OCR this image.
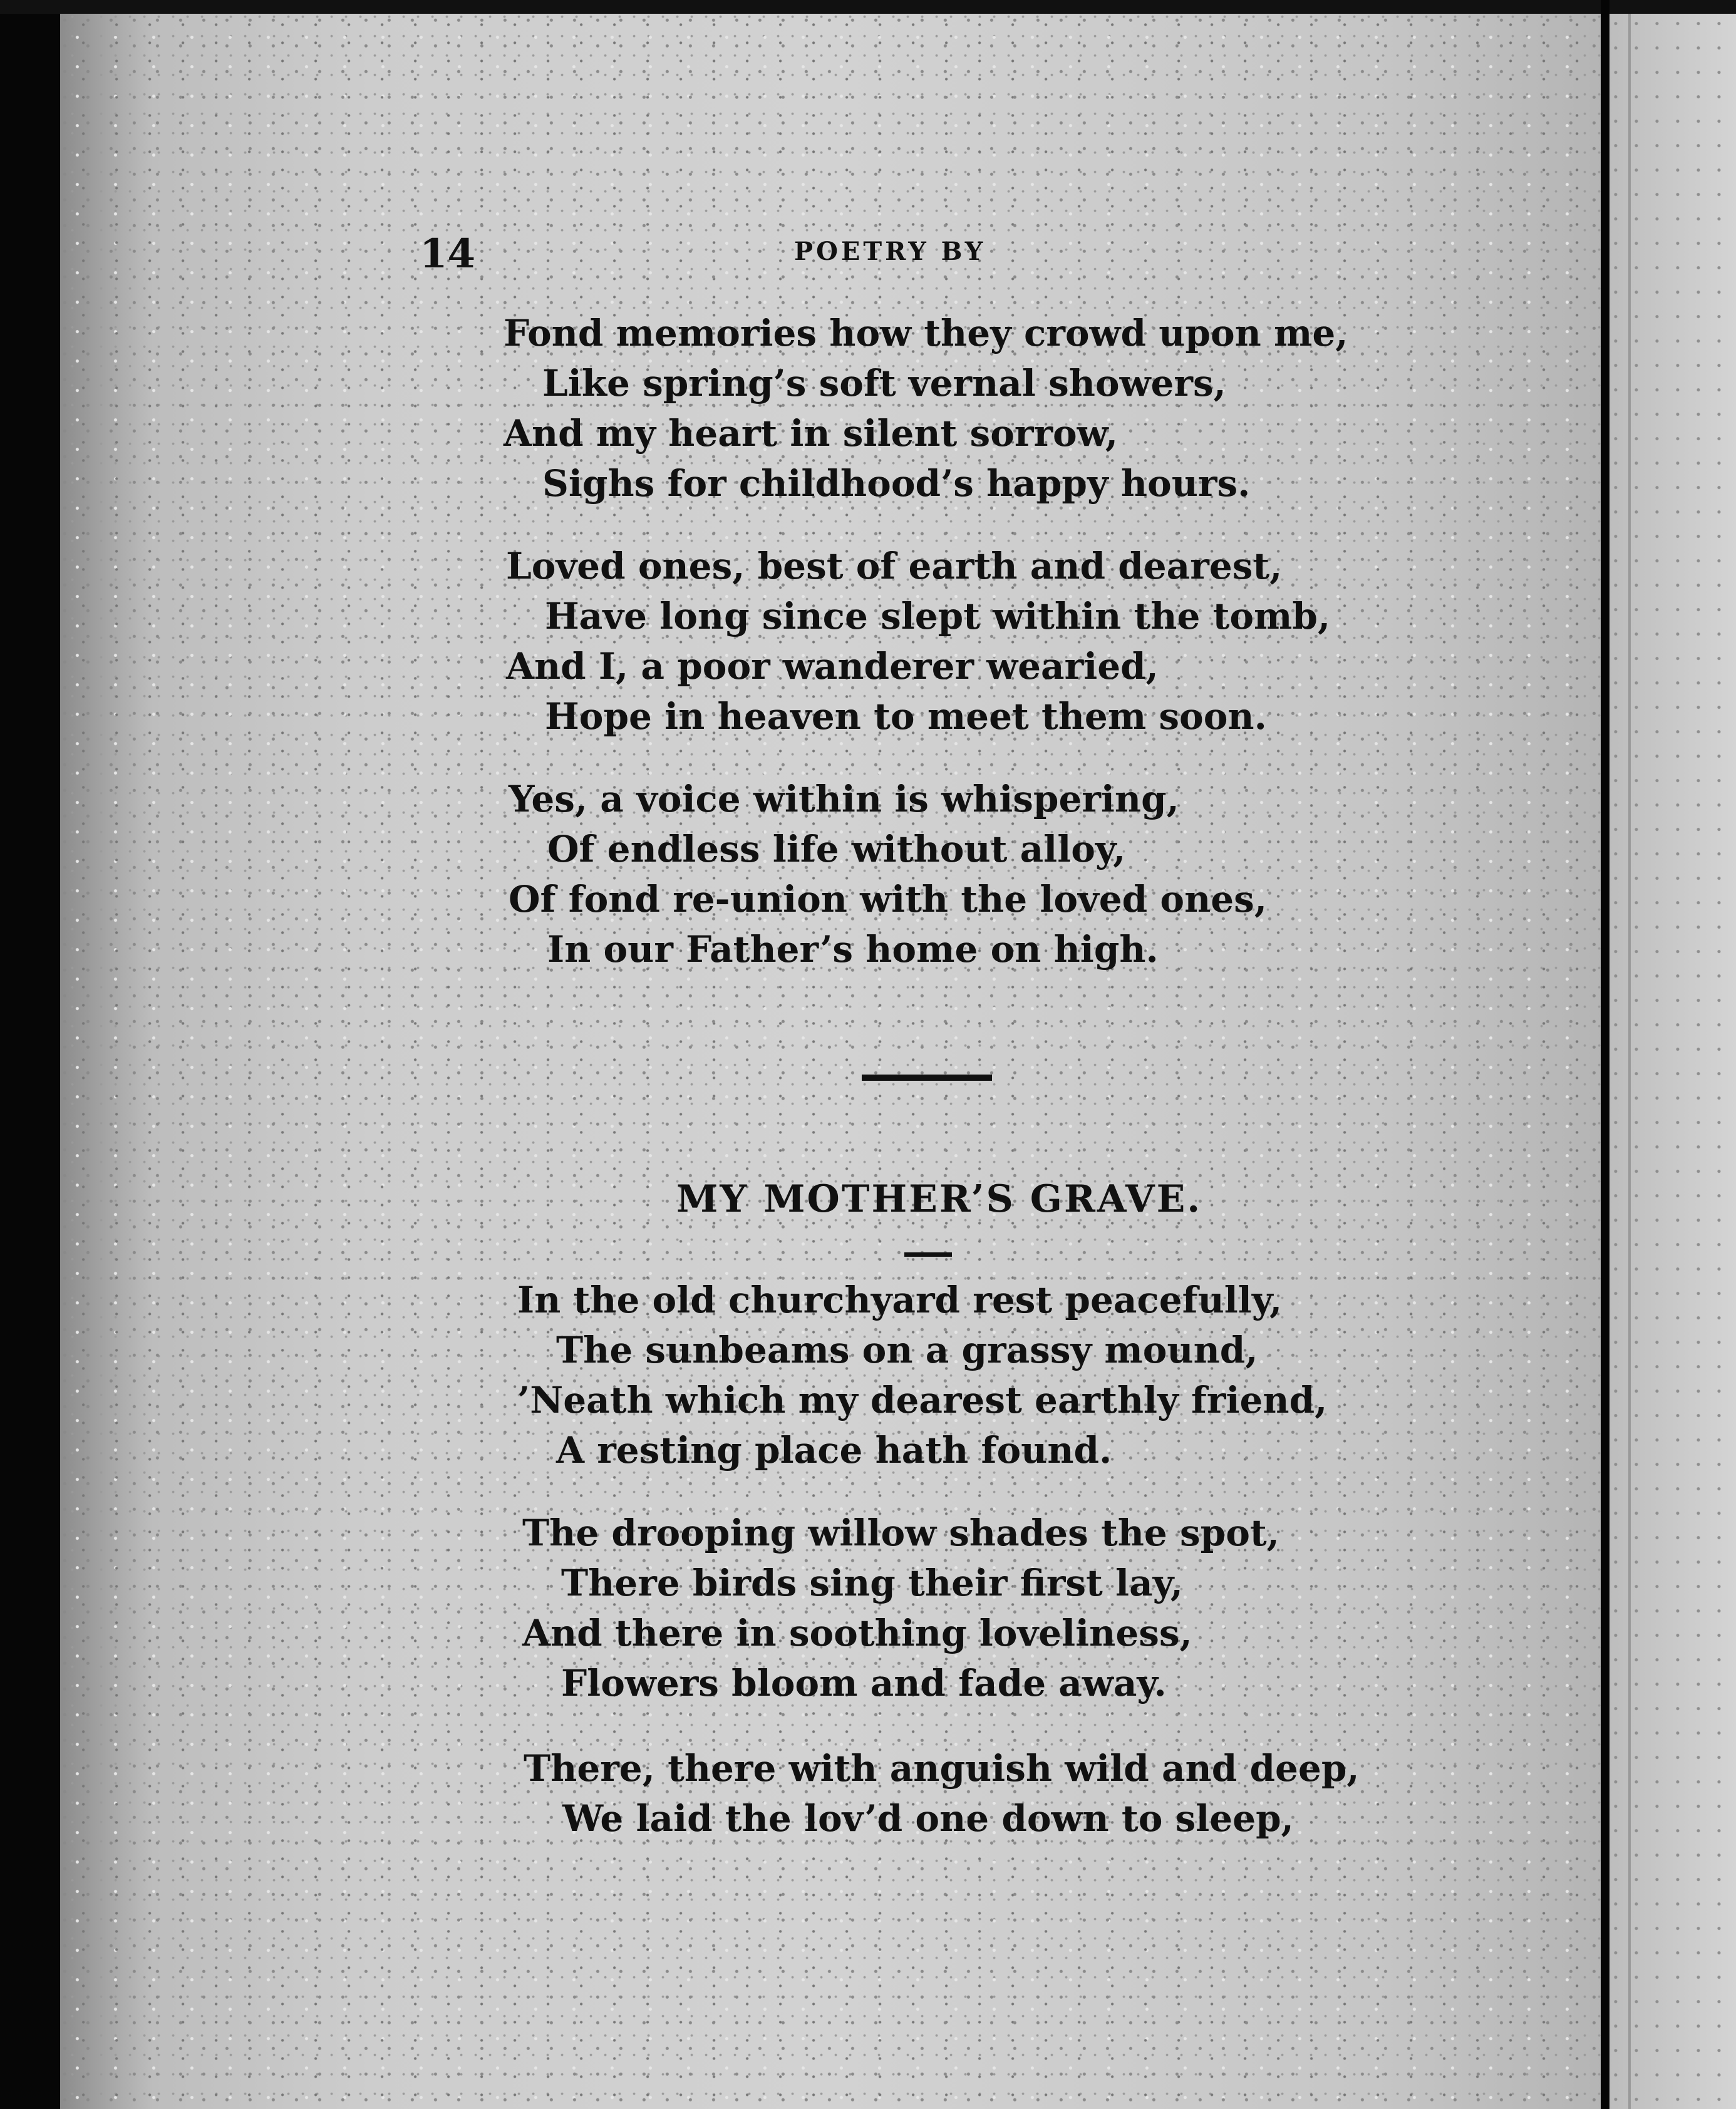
14	POETRY BY
Fond memories how they crowd upon me,
Like spring’s soft vernal showers,
And my heart in silent sorrow,
Sighs for childhood’s happy hours.
Loved ones, best of earth and dearest,
Have long since slept within the tomb,
And I, a poor wanderer wearied,
Hope in heaven to meet them soon.
Yes, a voice within is whispering,
Of endless life without alloy,
Of fond re-union with the loved ones,
In our Father’s home on high.
MY MOTHER’S GRAVE.
In the old churchyard rest peacefully,
The sunbeams on a grassy mound,
’Neath which my dearest earthly friend,
A resting place hath found.
The drooping willow shades the spot,
There birds sing their first lay,
And there in soothing loveliness,
Flowers bloom and fade away.
There, there with anguish wild and deep,
We laid the lov’d one down to sleep,
